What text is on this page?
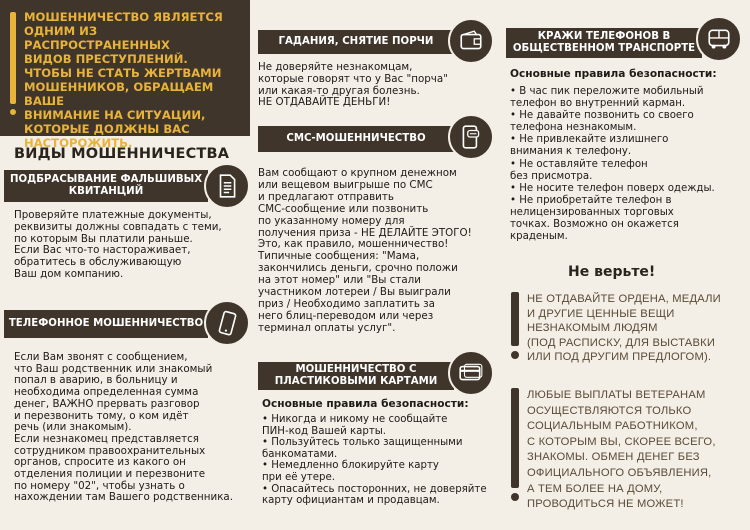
МОШЕННИЧЕСТВО ЯВЛЯЕТСЯ
ОДНИМ ИЗ РАСПРОСТРАНЕННЫХ
ВИДОВ ПРЕСТУПЛЕНИЙ.
ЧТОБЫ НЕ СТАТЬ ЖЕРТВАМИ
МОШЕННИКОВ, ОБРАЩАЕМ ВАШЕ
ВНИМАНИЕ НА СИТУАЦИИ,
КОТОРЫЕ ДОЛЖНЫ ВАС
НАСТОРОЖИТЬ.
ВИДЫ МОШЕННИЧЕСТВА
ПОДБРАСЫВАНИЕ ФАЛЬШИВЫХ
КВИТАНЦИЙ
Проверяйте платежные документы,
реквизиты должны совпадать с теми,
по которым Вы платили раньше.
Если Вас что-то настораживает,
обратитесь в обслуживающую
Ваш дом компанию.
ТЕЛЕФОННОЕ МОШЕННИЧЕСТВО
Если Вам звонят с сообщением,
что Ваш родственник или знакомый
попал в аварию, в больницу и
необходима определенная сумма
денег, ВАЖНО прервать разговор
и перезвонить тому, о ком идёт
речь (или знакомым).
Если незнакомец представляется
сотрудником правоохранительных
органов, спросите из какого он
отделения полиции и перезвоните
по номеру "02", чтобы узнать о
нахождении там Вашего родственника.
ГАДАНИЯ, СНЯТИЕ ПОРЧИ
Не доверяйте незнакомцам,
которые говорят что у Вас "порча"
или какая-то другая болезнь.
НЕ ОТДАВАЙТЕ ДЕНЬГИ!
СМС-МОШЕННИЧЕСТВО
Вам сообщают о крупном денежном
или вещевом выигрыше по СМС
и предлагают отправить
СМС-сообщение или позвонить
по указанному номеру для
получения приза - НЕ ДЕЛАЙТЕ ЭТОГО!
Это, как правило, мошенничество!
Типичные сообщения: "Мама,
закончились деньги, срочно положи
на этот номер" или "Вы стали
участником лотереи / Вы выиграли
приз / Необходимо заплатить за
него блиц-переводом или через
терминал оплаты услуг".
МОШЕННИЧЕСТВО С
ПЛАСТИКОВЫМИ КАРТАМИ
Основные правила безопасности:
• Никогда и никому не сообщайте
ПИН-код Вашей карты.
• Пользуйтесь только защищенными
банкоматами.
• Немедленно блокируйте карту
при её утере.
• Опасайтесь посторонних, не доверяйте
карту официантам и продавцам.
КРАЖИ ТЕЛЕФОНОВ В
ОБЩЕСТВЕННОМ ТРАНСПОРТЕ
Основные правила безопасности:
• В час пик переложите мобильный
телефон во внутренний карман.
• Не давайте позвонить со своего
телефона незнакомым.
• Не привлекайте излишнего
внимания к телефону.
• Не оставляйте телефон
без присмотра.
• Не носите телефон поверх одежды.
• Не приобретайте телефон в
нелицензированных торговых
точках. Возможно он окажется
краденым.
Не верьте!
НЕ ОТДАВАЙТЕ ОРДЕНА, МЕДАЛИ
И ДРУГИЕ ЦЕННЫЕ ВЕЩИ
НЕЗНАКОМЫМ ЛЮДЯМ
(ПОД РАСПИСКУ, ДЛЯ ВЫСТАВКИ
ИЛИ ПОД ДРУГИМ ПРЕДЛОГОМ).
ЛЮБЫЕ ВЫПЛАТЫ ВЕТЕРАНАМ
ОСУЩЕСТВЛЯЮТСЯ ТОЛЬКО
СОЦИАЛЬНЫМ РАБОТНИКОМ,
С КОТОРЫМ ВЫ, СКОРЕЕ ВСЕГО,
ЗНАКОМЫ. ОБМЕН ДЕНЕГ БЕЗ
ОФИЦИАЛЬНОГО ОБЪЯВЛЕНИЯ,
А ТЕМ БОЛЕЕ НА ДОМУ,
ПРОВОДИТЬСЯ НЕ МОЖЕТ!
